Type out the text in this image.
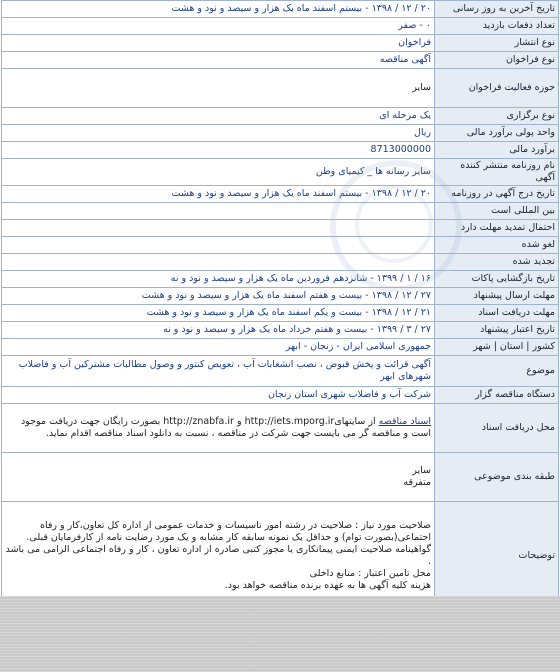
تاریخ آخرین به روز رسانی	۲۰ / ۱۲ / ۱۳۹۸ - بیستم اسفند ماه یک هزار و سیصد و نود و هشت
تعداد دفعات بازدید	۰ - صفر
نوع انتشار	فراخوان
نوع فراخوان	آگهی مناقصه
حوزه فعالیت فراخوان	سایر
نوع برگزاری	یک مرحله ای
واحد پولی برآورد مالی	ریال
برآورد مالی	8713000000
نام روزنامه منتشر کننده آگهی	سایر رسانه ها _ کیمیای وطن
تاریخ درج آگهی در روزنامه	۲۰ / ۱۲ / ۱۳۹۸ - بیستم اسفند ماه یک هزار و سیصد و نود و هشت
بین المللی است	
احتمال تمدید مهلت دارد	
لغو شده	
تجدید شده	
تاریخ بازگشایی پاکات	۱۶ / ۱ / ۱۳۹۹ - شانزدهم فروردین ماه یک هزار و سیصد و نود و نه
مهلت ارسال پیشنهاد	۲۷ / ۱۲ / ۱۳۹۸ - بیست و هفتم اسفند ماه یک هزار و سیصد و نود و هشت
مهلت دریافت اسناد	۲۱ / ۱۲ / ۱۳۹۸ - بیست و یکم اسفند ماه یک هزار و سیصد و نود و هشت
تاریخ اعتبار پیشنهاد	۲۷ / ۳ / ۱۳۹۹ - بیست و هفتم خرداد ماه یک هزار و سیصد و نود و نه
کشور | استان | شهر	جمهوری اسلامی ایران - زنجان - ابهر
موضوع	آگهی قرائت و پخش قبوض ، نصب انشعابات آب ، تعویض کنتور و وصول مطالبات مشترکین آب و فاضلاب شهرهای ابهر
دستگاه مناقصه گزار	شرکت آب و فاضلاب شهری استان زنجان
محل دریافت اسناد	اسناد مناقصه از سایتهایhttp://iets.mporg.ir و http://znabfa.ir بصورت رایگان جهت دریافت موجود است و مناقصه گر می بایست جهت شرکت در مناقصه ، نسبت به دانلود اسناد مناقصه اقدام نماید.
طبقه بندی موضوعی	سایر
متفرقه

توضیحات	صلاحیت مورد نیاز : صلاحیت در رشته امور تاسیسات و خدمات عمومی از اداره کل تعاون،کار و رفاه اجتماعی(بصورت توام) و حداقل یک نمونه سابقه کار مشابه و یک مورد رضایت نامه از کارفرمایان قبلی.
گواهینامه صلاحیت ایمنی پیمانکاری یا مجوز کتبی صادره از اداره تعاون ، کار و رفاه اجتماعی الزامی می باشد .
محل تامین اعتبار : منابع داخلی
هزینه کلیه آگهی ها به عهده برنده مناقصه خواهد بود.
